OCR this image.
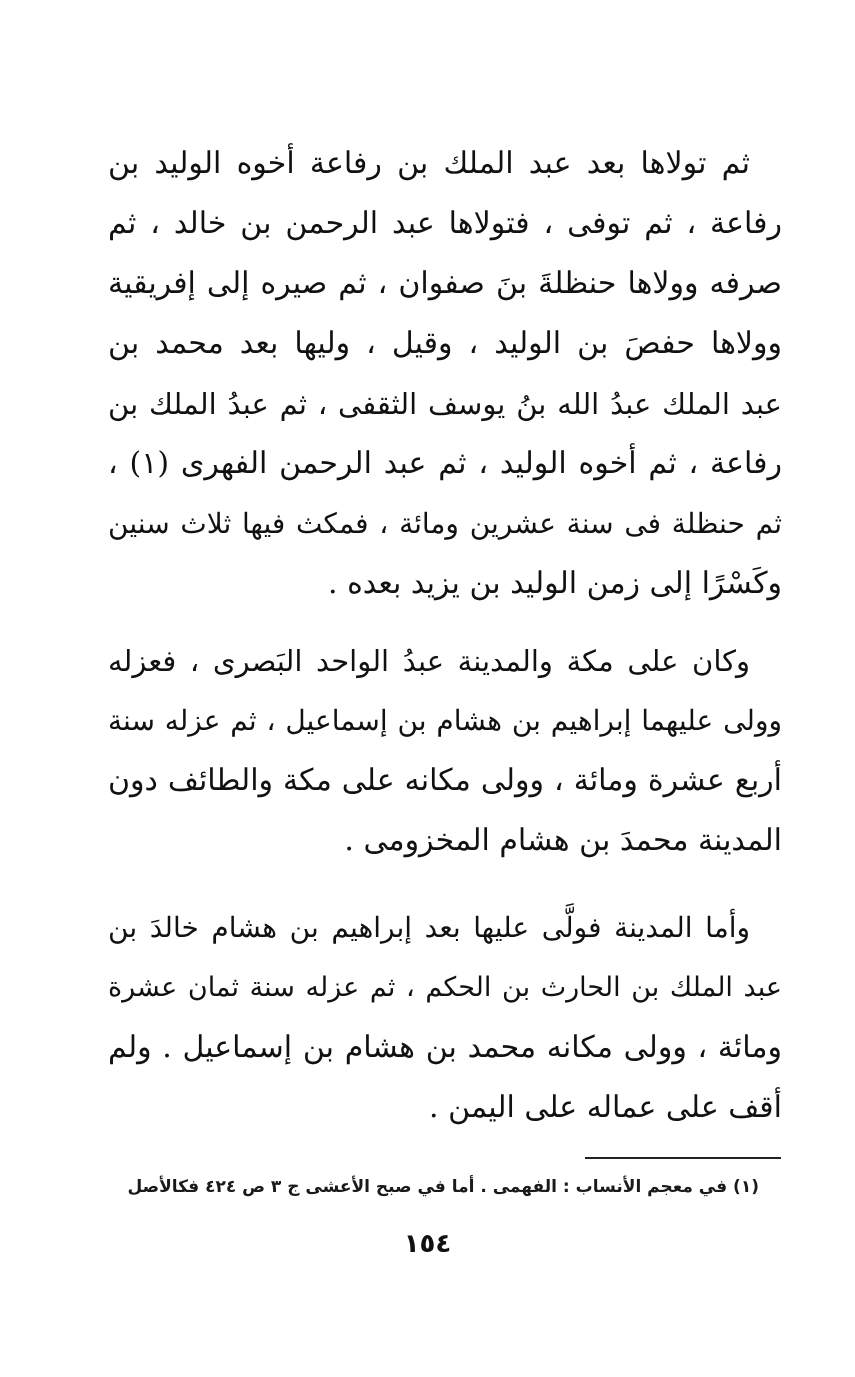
ثم تولاها بعد عبد الملك بن رفاعة أخوه الوليد بن
رفاعة ، ثم توفى ، فتولاها عبد الرحمن بن خالد ، ثم
صرفه وولاها حنظلةَ بنَ صفوان ، ثم صيره إلى إفريقية
وولاها حفصَ بن الوليد ، وقيل ، وليها بعد محمد بن
عبد الملك عبدُ الله بنُ يوسف الثقفى ، ثم عبدُ الملك بن
رفاعة ، ثم أخوه الوليد ، ثم عبد الرحمن الفهرى (١) ،
ثم حنظلة فى سنة عشرين ومائة ، فمكث فيها ثلاث سنين
وكَسْرًا إلى زمن الوليد بن يزيد بعده .
وكان على مكة والمدينة عبدُ الواحد البَصرى ، فعزله
وولى عليهما إبراهيم بن هشام بن إسماعيل ، ثم عزله سنة
أربع عشرة ومائة ، وولى مكانه على مكة والطائف دون
المدينة محمدَ بن هشام المخزومى .
وأما المدينة فولَّى عليها بعد إبراهيم بن هشام خالدَ بن
عبد الملك بن الحارث بن الحكم ، ثم عزله سنة ثمان عشرة
ومائة ، وولى مكانه محمد بن هشام بن إسماعيل . ولم
أقف على عماله على اليمن .
(١) في معجم الأنساب : الفهمى . أما في صبح الأعشى ج ٣ ص ٤٢٤ فكالأصل
١٥٤
